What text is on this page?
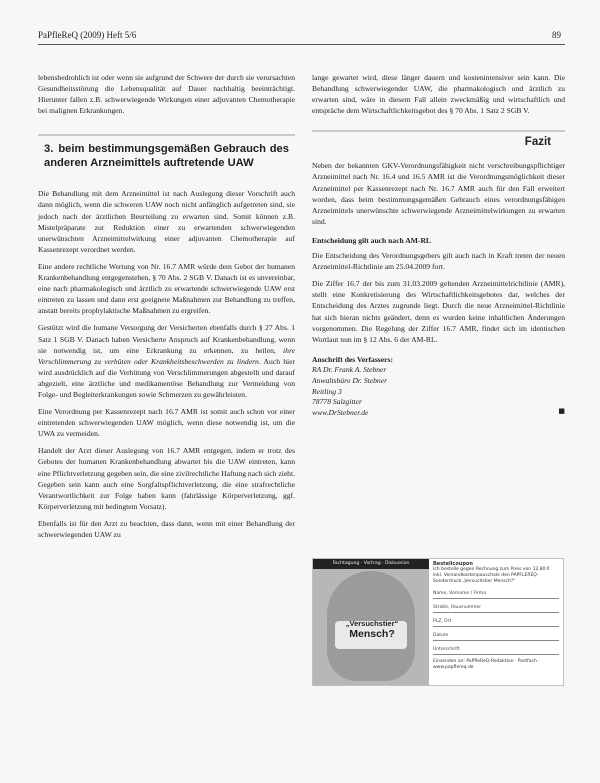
PaPfleReQ (2009) Heft 5/6	89

lebensbedrohlich ist oder wenn sie aufgrund der Schwere der durch sie verursachten Gesundheitsstörung die Lebensqualität auf Dauer nachhaltig beeinträchtigt. Hierunter fallen z.B. schwerwiegende Wirkungen einer adjuvanten Chemotherapie bei malignen Erkrankungen.

3. beim bestimmungsgemäßen Gebrauch des anderen Arzneimittels auftretende UAW

Die Behandlung mit dem Arzneimittel ist nach Auslegung dieser Vorschrift auch dann möglich, wenn die schweren UAW noch nicht anfänglich aufgetreten sind, sie jedoch nach der ärztlichen Beurteilung zu erwarten sind. Somit können z.B. Mistelpräparate zur Reduktion einer zu erwartenden schwerwiegenden unerwünschten Arzneimittelwirkung einer adjuvanten Chemotherapie auf Kassenrezept verordnet werden.

Eine andere rechtliche Wertung von Nr. 16.7 AMR würde dem Gebot der humanen Krankenbehandlung entgegenstehen, § 70 Abs. 2 SGB V. Danach ist es unvereinbar, eine nach pharmakologisch und ärztlich zu erwartende schwerwiegende UAW erst eintreten zu lassen und dann erst geeignete Maßnahmen zur Behandlung zu treffen, anstatt bereits prophylaktische Maßnahmen zu ergreifen.

Gestützt wird die humane Versorgung der Versicherten ebenfalls durch § 27 Abs. 1 Satz 1 SGB V. Danach haben Versicherte Anspruch auf Krankenbehandlung, wenn sie notwendig ist, um eine Erkrankung zu erkennen, zu heilen, ihre Verschlimmerung zu verhüten oder Krankheitsbeschwerden zu lindern. Auch hier wird ausdrücklich auf die Verhütung von Verschlimmerungen abgestellt und darauf abgezielt, eine ärztliche und medikamentöse Behandlung zur Vermeidung von Folge- und Begleiterkrankungen sowie Schmerzen zu gewährleisten.

Eine Verordnung per Kassenrezept nach 16.7 AMR ist somit auch schon vor einer eintretenden schwerwiegenden UAW möglich, wenn diese notwendig ist, um die UWA zu vermeiden.

Handelt der Arzt dieser Auslegung von 16.7 AMR entgegen, indem er trotz des Gebotes der humanen Krankenbehandlung abwartet bis die UAW eintreten, kann eine Pflichtverletzung gegeben sein, die eine zivilrechtliche Haftung nach sich zieht. Gegeben sein kann auch eine Sorgfaltspflichtverletzung, die eine strafrechtliche Verantwortlichkeit zur Folge haben kann (fahrlässige Körperverletzung, ggf. Körperverletzung mit bedingtem Vorsatz).

Ebenfalls ist für den Arzt zu beachten, dass dann, wenn mit einer Behandlung der schwerwiegenden UAW zu

lange gewartet wird, diese länger dauern und kostenintensiver sein kann. Die Behandlung schwerwiegender UAW, die pharmakologisch und ärztlich zu erwarten sind, wäre in diesem Fall allein zweckmäßig und wirtschaftlich und entspräche dem Wirtschaftlichkeitsgebot des § 70 Abs. 1 Satz 2 SGB V.

Fazit

Neben der bekannten GKV-Verordnungsfähigkeit nicht verschreibungspflichtiger Arzneimittel nach Nr. 16.4 und 16.5 AMR ist die Verordnungsmöglichkeit dieser Arzneimittel per Kassenrezept nach Nr. 16.7 AMR auch für den Fall erweitert worden, dass beim bestimmungsgemäßen Gebrauch eines verordnungsfähigen Arzneimittels unerwünschte schwerwiegende Arzneimittelwirkungen zu erwarten sind.

Entscheidung gilt auch nach AM-RL

Die Entscheidung des Verordnungsgebers gilt auch nach in Kraft treten der neuen Arzneimittel-Richtlinie am 25.04.2009 fort.

Die Ziffer 16.7 der bis zum 31.03.2009 geltenden Arzneimittelrichtlinie (AMR), stellt eine Konkretisierung des Wirtschaftlichkeitsgebotes dar, welches der Entscheidung des Arztes zugrunde liegt. Durch die neue Arzneimittel-Richtlinie hat sich hieran nichts geändert, denn es wurden keine inhaltlichen Änderungen vorgenommen. Die Regelung der Ziffer 16.7 AMR, findet sich im identischen Wortlaut nun im § 12 Abs. 6 der AM-RL.

Anschrift des Verfassers:
RA Dr. Frank A. Stebner
Anwaltsbüro Dr. Stebner
Reitling 3
78778 Salzgitter
www.DrStebner.de	■
Fachtagung · Vortrag · Diskussion
„Versuchstier“
Mensch?
Bestellcoupon
Ich bestelle gegen Rechnung zum Preis von 12,80 € inkl. Versandkostenpauschale den PAPFLEREQ-Sonderdruck „Versuchstier Mensch?“
Name, Vorname / Firma
Straße, Hausnummer
PLZ, Ort
Datum
Unterschrift
Einsenden an: PaPfleReQ-Redaktion · Postfach · www.papflereq.de
